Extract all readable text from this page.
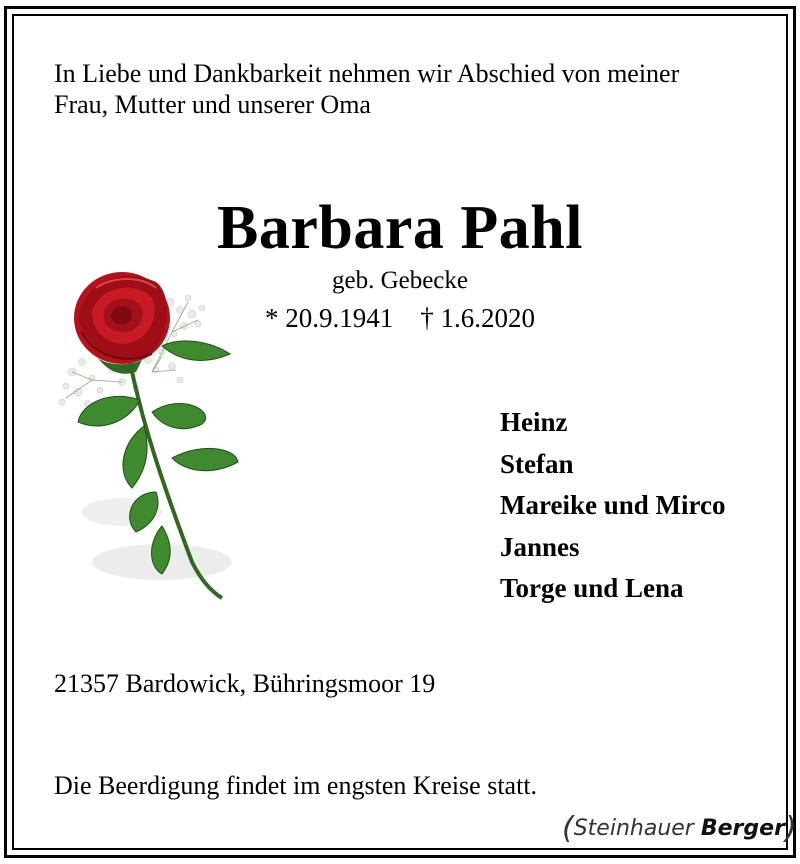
In Liebe und Dankbarkeit nehmen wir Abschied von meiner
Frau, Mutter und unserer Oma

Barbara Pahl
geb. Gebecke
* 20.9.1941 † 1.6.2020
Heinz
Stefan
Mareike und Mirco
Jannes
Torge und Lena
21357 Bardowick, Bühringsmoor 19
Die Beerdigung findet im engsten Kreise statt.
(Steinhauer Berger)
